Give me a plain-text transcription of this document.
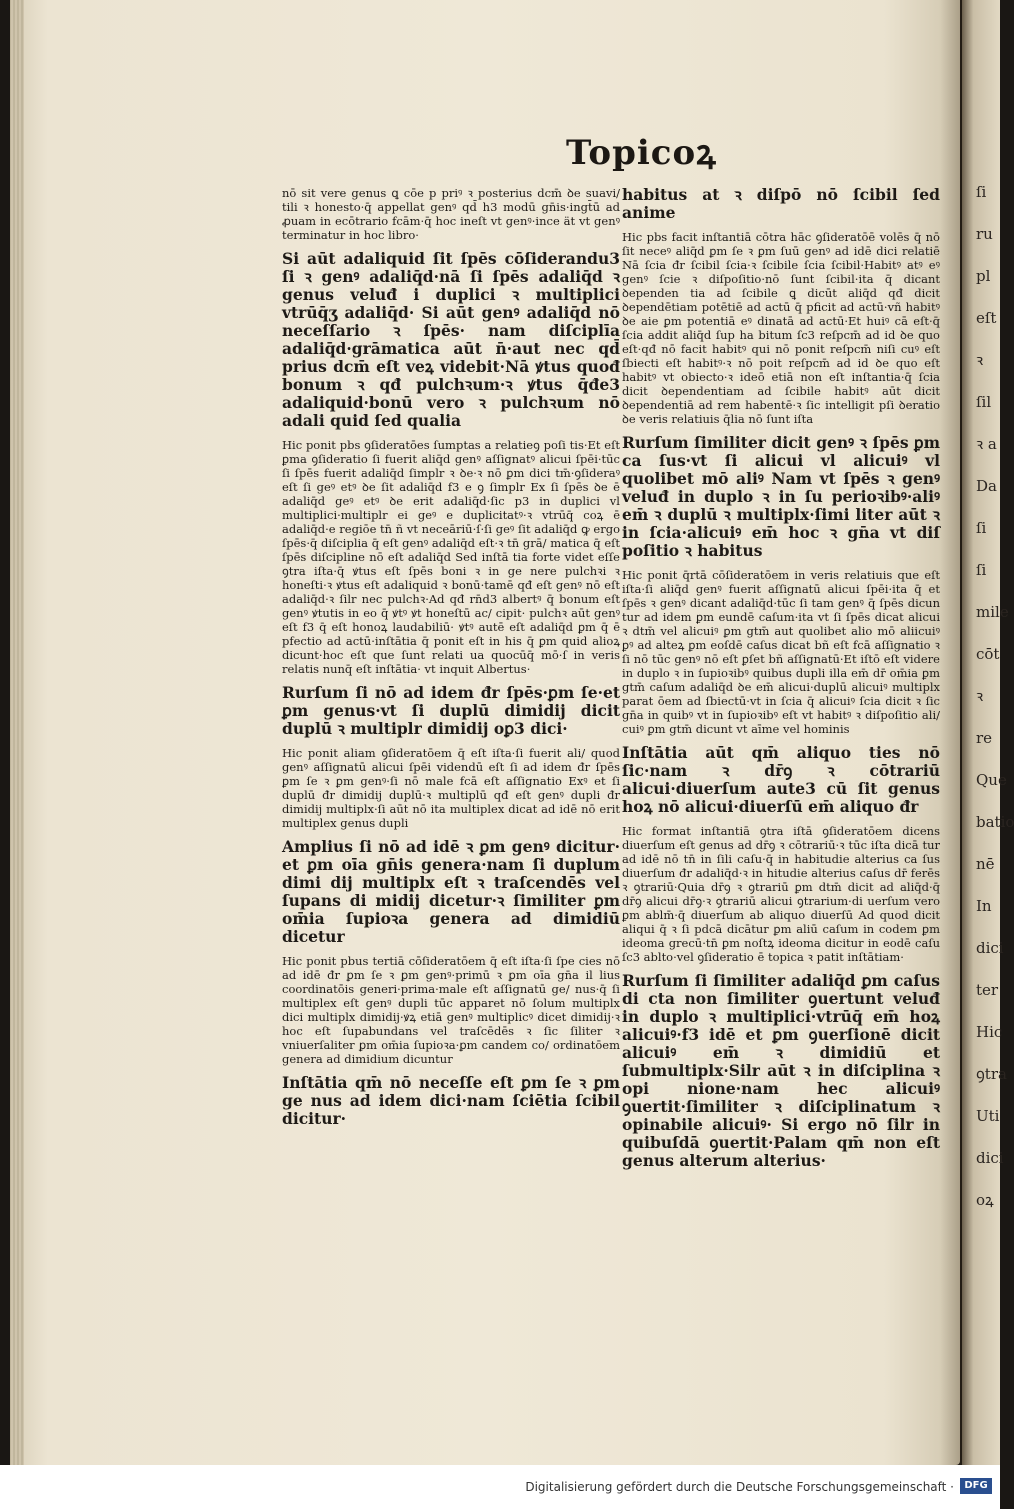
Topicoꝝ

nō sit vere genus ꝗ cōe p priꝰ ꝛ posterius dcm̄ ꝺe suavi/ tili ꝛ honesto·q̄ appellat genꝰ qd̄ h3 modū gn̄is·ingt̄ū ad ꝓuam in ecōtrario fcām·q̄ hoc ineſt vt genꝰ·ince ät vt genꝰ terminatur in hoc libro·

Si aūt adaliquid ſit ſpēs cōſiderandu3 ſi ꝛ genꝰ adaliq̄d·nā ſi ſpēs adaliq̄d ꝛ genus veluđ i duplici ꝛ multiplici vtrūq̄ʒ adaliq̄d· Si aūt genꝰ adaliq̄d nō neceſſario ꝛ ſpēs· nam diſciplīa adaliq̄d·grāmatica aūt n̄·aut nec qd̄ prius dcm̄ eſt veꝝ videbit·Nā ꝟtus quođ bonum ꝛ qđ pulchꝛum·ꝛ ꝟtus q̄đe3 adaliquid·bonū vero ꝛ pulchꝛum nō adali quid ſed qualia

Hic ponit pbs ꝯſideratōes ſumptas a relatieꝯ poſi tis·Et eſt ꝑma ꝯſideratio ſi fuerit aliq̄d genꝰ aſſignatꝰ alicui ſpēi·tūc ſi ſpēs fuerit adaliq̄d ſimplr ꝛ ꝺe·ꝛ nō ꝑm dici tm̄·ꝯſideraꝰ eſt ſi geꝰ etꝰ ꝺe ſit adaliq̄d f3 e ꝯ ſimplr Ex ſi ſpēs ꝺe ē adaliq̄d geꝰ etꝰ ꝺe erit adaliq̄d·ſic p3 in duplici vl multiplici·multiplr ei geꝰ e duplicitatꝰ·ꝛ vtrūq̄ coꝝ ē adaliq̄d·e regiōe tn̄ ñ vt neceāriū·ſ·ſi geꝰ ſit adaliq̄d ꝙ ergo ſpēs·q̄ diſciplia q̄ eſt genꝰ adaliq̄d eſt·ꝛ tn̄ grā/ matica q̄ eſt ſpēs diſcipline nō eſt adaliq̄d Sed inſtā tia forte videt eſſe ꝯtra iſta·q̄ ꝟtus eſt ſpēs boni ꝛ in ge nere pulchꝛi ꝛ honeſti·ꝛ ꝟtus eſt adaliquid ꝛ bonū·tamē qđ eſt genꝰ nō eſt adaliq̄d·ꝛ ſilr nec pulchꝛ·Ad qđ rn̄d3 albertꝰ q̄ bonum eſt genꝰ ꝟtutis in eo q̄ ꝟtꝰ ꝟt honeſtū ac/ cipit· pulchꝛ aūt genꝰ eſt f3 q̄ eſt honoꝝ laudabiliū· ꝟtꝰ autē eſt adaliq̄d ꝑm q̄ ē pfectio ad actū·inſtātia q̄ ponit eſt in his q̄ ꝑm quid alioꝝ dicunt·hoc eſt que ſunt relati ua quocūq̄ mō·ſ in veris relatis nunq̄ eſt inſtātia· vt inquit Albertus·

Rurſum ſi nō ad idem đr ſpēs·ꝑm ſe·et ꝑm genus·vt ſi duplū dimidij dicit duplū ꝛ multiplr dimidij oꝑ3 dici·

Hic ponit aliam ꝯſideratōem q̄ eſt iſta·ſi fuerit ali/ quod genꝰ aſſignatū alicui ſpēi videndū eſt ſi ad idem đr ſpēs ꝑm ſe ꝛ ꝑm genꝰ·ſi nō male fcā eſt aſſignatio Exꝰ et ſi duplū đr dimidij duplū·ꝛ multiplū qđ eſt genꝰ dupli đr dimidij multiplx·ſi aūt nō ita multiplex dicat ad idē nō erit multiplex genus dupli

Amplius ſi nō ad idē ꝛ ꝑm genꝰ dicitur· et ꝑm oīa gn̄is genera·nam ſi duplum dimi dij multiplx eſt ꝛ traſcendēs vel ſupans di midij dicetur·ꝛ ſimiliter ꝑm om̄ia ſupioꝛa genera ad dimidiū dicetur

Hic ponit pbus tertiā cōſideratōem q̄ eſt iſta·ſi ſpe cies nō ad idē đr ꝑm ſe ꝛ ꝑm genꝰ·primū ꝛ ꝑm oīa gn̄a il lius coordinatōis generi·prima·male eſt aſſignatū ge/ nus·q̄ ſi multiplex eſt genꝰ dupli tūc apparet nō ſolum multiplx dici multiplx dimidij·ꝟꝝ etiā genꝰ multiplicꝰ dicet dimidij·ꝛ hoc eſt ſupabundans vel traſcēdēs ꝛ ſic ſiliter ꝛ vniuerſaliter ꝑm om̄ia ſupioꝛa·ꝑm candem co/ ordinatōem genera ad dimidium dicuntur

Inſtātia qm̄ nō neceſſe eſt ꝑm ſe ꝛ ꝑm ge nus ad idem dici·nam ſciētia ſcibil dicitur·

habitus at ꝛ diſpō nō ſcibil ſed anime

Hic pbs facit inſtantiā cōtra hāc ꝯſideratōē volēs q̄ nō ſit neceꝰ aliq̄d ꝑm ſe ꝛ ꝑm ſuū genꝰ ad idē dici relatiē Nā ſcia đr ſcibil ſcia·ꝛ ſcibile ſcia ſcibil·Habitꝰ atꝰ eꝰ genꝰ ſcie ꝛ diſpoſitio·nō ſunt ſcibil·ita q̄ dicant ꝺependen tia ad ſcibile ꝗ dicūt aliq̄d qđ dicit ꝺependētiam potētiē ad actū q̄ pficit ad actū·vñ habitꝰ ꝺe aie ꝑm potentiā eꝰ dinatā ad actū·Et huiꝰ cā eſt·q̄ ſcia addit aliq̄d ſup ha bitum ſc3 reſpcm̄ ad id ꝺe quo eſt·qđ nō facit habitꝰ qui nō ponit reſpcm̄ niſi cuꝰ eſt ſbiecti eſt habitꝰ·ꝛ nō poit reſpcm̄ ad id ꝺe quo eſt habitꝰ vt obiecto·ꝛ ideō etiā non eſt inſtantia·q̄ ſcia dicit ꝺependentiam ad ſcibile habitꝰ aūt dicit ꝺependentiā ad rem habentē·ꝛ ſic intelligit pſi ꝺeratio ꝺe veris relatiuis q̄lia nō ſunt iſta

Rurſum ſimiliter dicit genꝰ ꝛ ſpēs ꝑm ca ſus·vt ſi alicui vl alicuiꝰ vl quolibet mō aliꝰ Nam vt ſpēs ꝛ genꝰ veluđ in duplo ꝛ in ſu perioꝛibꝰ·aliꝰ em̄ ꝛ duplū ꝛ multiplx·ſimi liter aūt ꝛ in ſcia·alicuiꝰ em̄ hoc ꝛ gn̄a vt diſ poſitio ꝛ habitus

Hic ponit q̄rtā cōſideratōem in veris relatiuis que eſt iſta·ſi aliq̄d genꝰ fuerit aſſignatū alicui ſpēi·ita q̄ et ſpēs ꝛ genꝰ dicant adaliq̄d·tūc ſi tam genꝰ q̄ ſpēs dicun tur ad idem ꝑm eundē caſum·ita vt ſi ſpēs dicat alicui ꝛ dtm̄ vel alicuiꝰ ꝑm gtm̄ aut quolibet alio mō aliicuiꝰ ꝑꝰ ad alteꝝ ꝑm eoſdē caſus dicat bñ eſt fcā aſſignatio ꝛ ſi nō tūc genꝰ nō eſt ꝑſet bñ aſſignatū·Et iſtō eſt videre in duplo ꝛ in ſupioꝛibꝰ quibus dupli illa em̄ dr̄ om̄ia ꝑm gtm̄ caſum adaliq̄d ꝺe em̄ alicui·duplū alicuiꝰ multiplx parat ōem ad ſbiectū·vt in ſcia q̄ alicuiꝰ ſcia dicit ꝛ ſic gn̄a in quibꝰ vt in ſupioꝛibꝰ eſt vt habitꝰ ꝛ diſpoſitio ali/ cuiꝰ ꝑm gtm̄ dicunt vt aīme vel hominis

Inſtātia aūt qm̄ aliquo ties nō ſic·nam ꝛ dr̄ꝯ ꝛ cōtrariū alicui·diuerſum aute3 cū ſit genus hoꝝ nō alicui·diuerſū em̄ aliquo đr

Hic format inſtantiā ꝯtra iſtā ꝯſideratōem dicens diuerſum eſt genus ad dr̄ꝯ ꝛ cōtrariū·ꝛ tūc iſta dicā tur ad idē nō tn̄ in ſili caſu·q̄ in habitudie alterius ca ſus diuerſum đr adaliq̄d·ꝛ in hitudie alterius caſus dr̄ ferēs ꝛ ꝯtrariū·Quia dr̄ꝯ ꝛ ꝯtrariū ꝑm dtm̄ dicit ad aliq̄d·q̄ dr̄ꝯ alicui dr̄ꝯ·ꝛ ꝯtrariū alicui ꝯtrarium·di uerſum vero ꝑm ablm̄·q̄ diuerſum ab aliquo diuerſū Ad quod dicit aliqui q̄ ꝛ ſi pdcā dicātur ꝑm aliū caſum in codem ꝑm ideoma grecū·tn̄ ꝑm noſtꝝ ideoma dicitur in eodē caſu ſc3 ablto·vel ꝯſideratio ē topica ꝛ patit inſtātiam·

Rurſum ſi ſimiliter adaliq̄d ꝑm caſus di cta non ſimiliter ꝯuertunt veluđ in duplo ꝛ multiplici·vtrūq̄ em̄ hoꝝ alicuiꝰ·f3 idē et ꝑm ꝯuerſionē dicit alicuiꝰ em̄ ꝛ dimidiū et ſubmultiplx·Silr aūt ꝛ in diſciplina ꝛ opi nione·nam hec alicuiꝰ ꝯuertit·ſimiliter ꝛ diſciplinatum ꝛ opinabile alicuiꝰ· Si ergo nō ſilr in quibuſdā ꝯuertit·Palam qm̄ non eſt genus alterum alterius·

ſi
ru
pl
eſt
ꝛ
ſil
ꝛ a
Da
ſi
ſi
mile
cōt
ꝛ
re
Que
batio
nē
In
dici
ter
Hic
ꝯtra
Uti
dici
oꝝ
Digitalisierung gefördert durch die Deutsche Forschungsgemeinschaft ·	DFG
